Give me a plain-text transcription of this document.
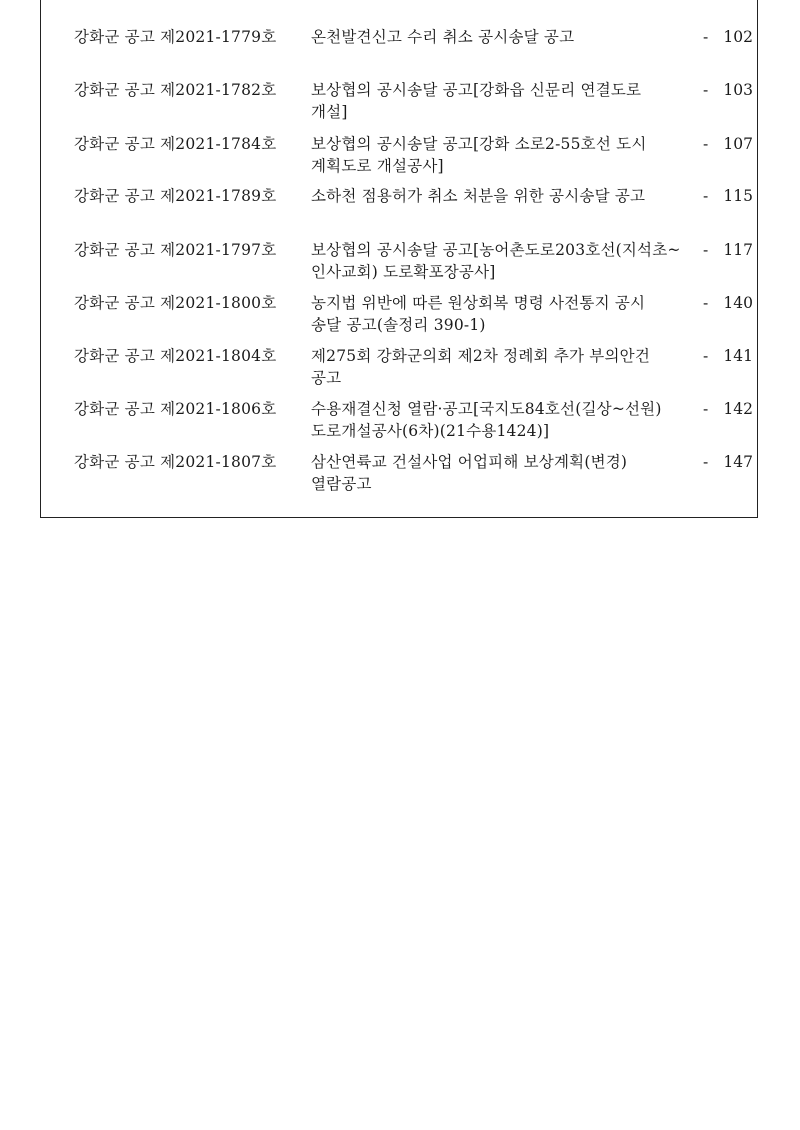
강화군 공고 제2021-1779호 온천발견신고 수리 취소 공시송달 공고	- 102
강화군 공고 제2021-1782호 보상협의 공시송달 공고[강화읍 신문리 연결도로
개설]
- 103
강화군 공고 제2021-1784호 보상협의 공시송달 공고[강화 소로2-55호선 도시
계획도로 개설공사]
- 107
강화군 공고 제2021-1789호 소하천 점용허가 취소 처분을 위한 공시송달 공고	- 115
강화군 공고 제2021-1797호 보상협의 공시송달 공고[농어촌도로203호선(지석초~
인사교회) 도로확포장공사]
- 117
강화군 공고 제2021-1800호 농지법 위반에 따른 원상회복 명령 사전통지 공시
송달 공고(솔정리 390-1)
- 140
강화군 공고 제2021-1804호 제275회 강화군의회 제2차 정례회 추가 부의안건
공고
- 141
강화군 공고 제2021-1806호 수용재결신청 열람·공고[국지도84호선(길상~선원)
도로개설공사(6차)(21수용1424)]
- 142
강화군 공고 제2021-1807호 삼산연륙교 건설사업 어업피해 보상계획(변경)
열람공고
- 147
